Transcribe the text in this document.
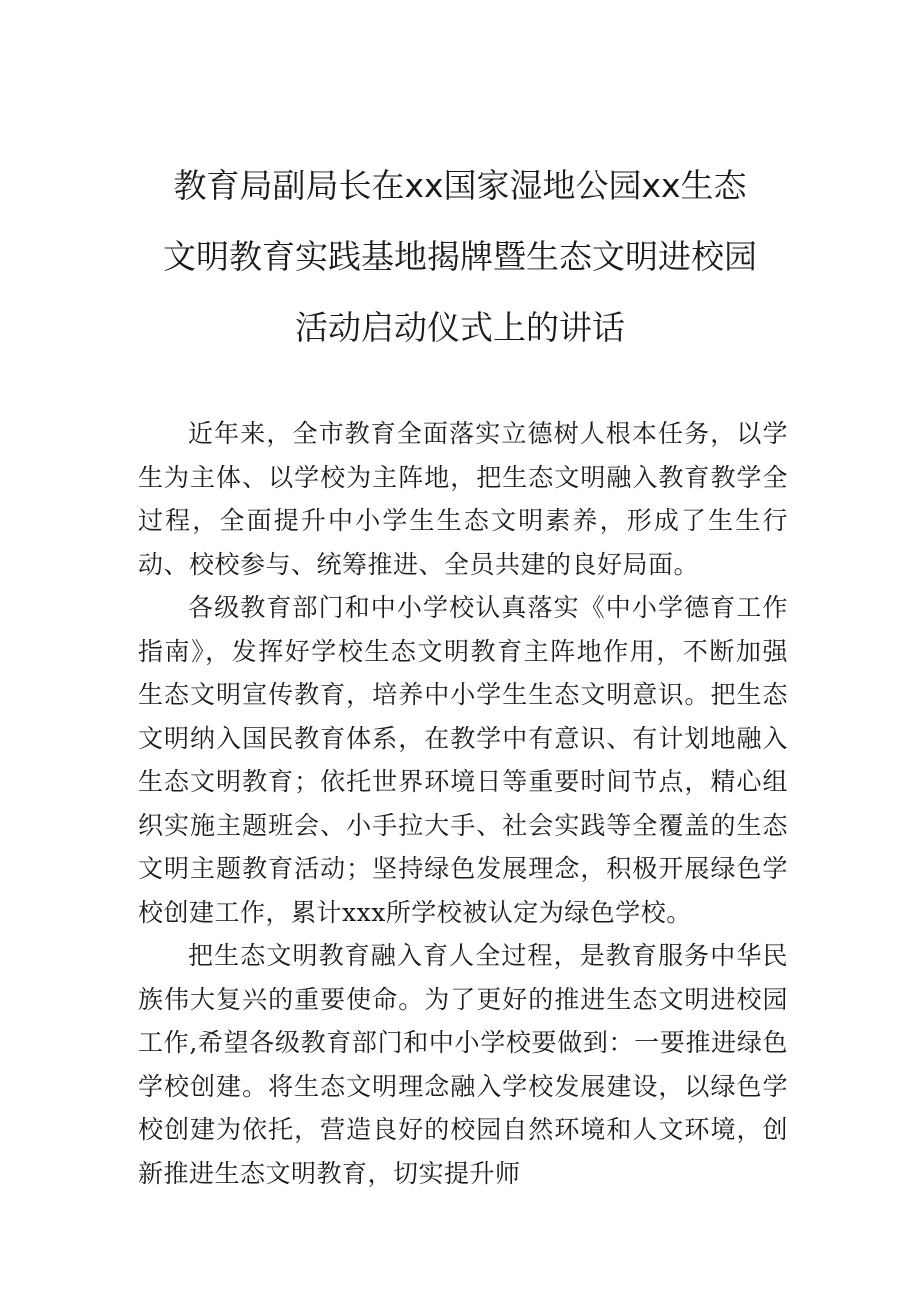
教育局副局长在xx国家湿地公园xx生态
文明教育实践基地揭牌暨生态文明进校园
活动启动仪式上的讲话

近年来，全市教育全面落实立德树人根本任务，以学生为主体、以学校为主阵地，把生态文明融入教育教学全过程，全面提升中小学生生态文明素养，形成了生生行动、校校参与、统筹推进、全员共建的良好局面。

各级教育部门和中小学校认真落实《中小学德育工作指南》，发挥好学校生态文明教育主阵地作用，不断加强生态文明宣传教育，培养中小学生生态文明意识。把生态文明纳入国民教育体系，在教学中有意识、有计划地融入生态文明教育；依托世界环境日等重要时间节点，精心组织实施主题班会、小手拉大手、社会实践等全覆盖的生态文明主题教育活动；坚持绿色发展理念，积极开展绿色学校创建工作，累计xxx所学校被认定为绿色学校。

把生态文明教育融入育人全过程，是教育服务中华民族伟大复兴的重要使命。为了更好的推进生态文明进校园工作,希望各级教育部门和中小学校要做到：一要推进绿色学校创建。将生态文明理念融入学校发展建设，以绿色学校创建为依托，营造良好的校园自然环境和人文环境，创新推进生态文明教育，切实提升师
